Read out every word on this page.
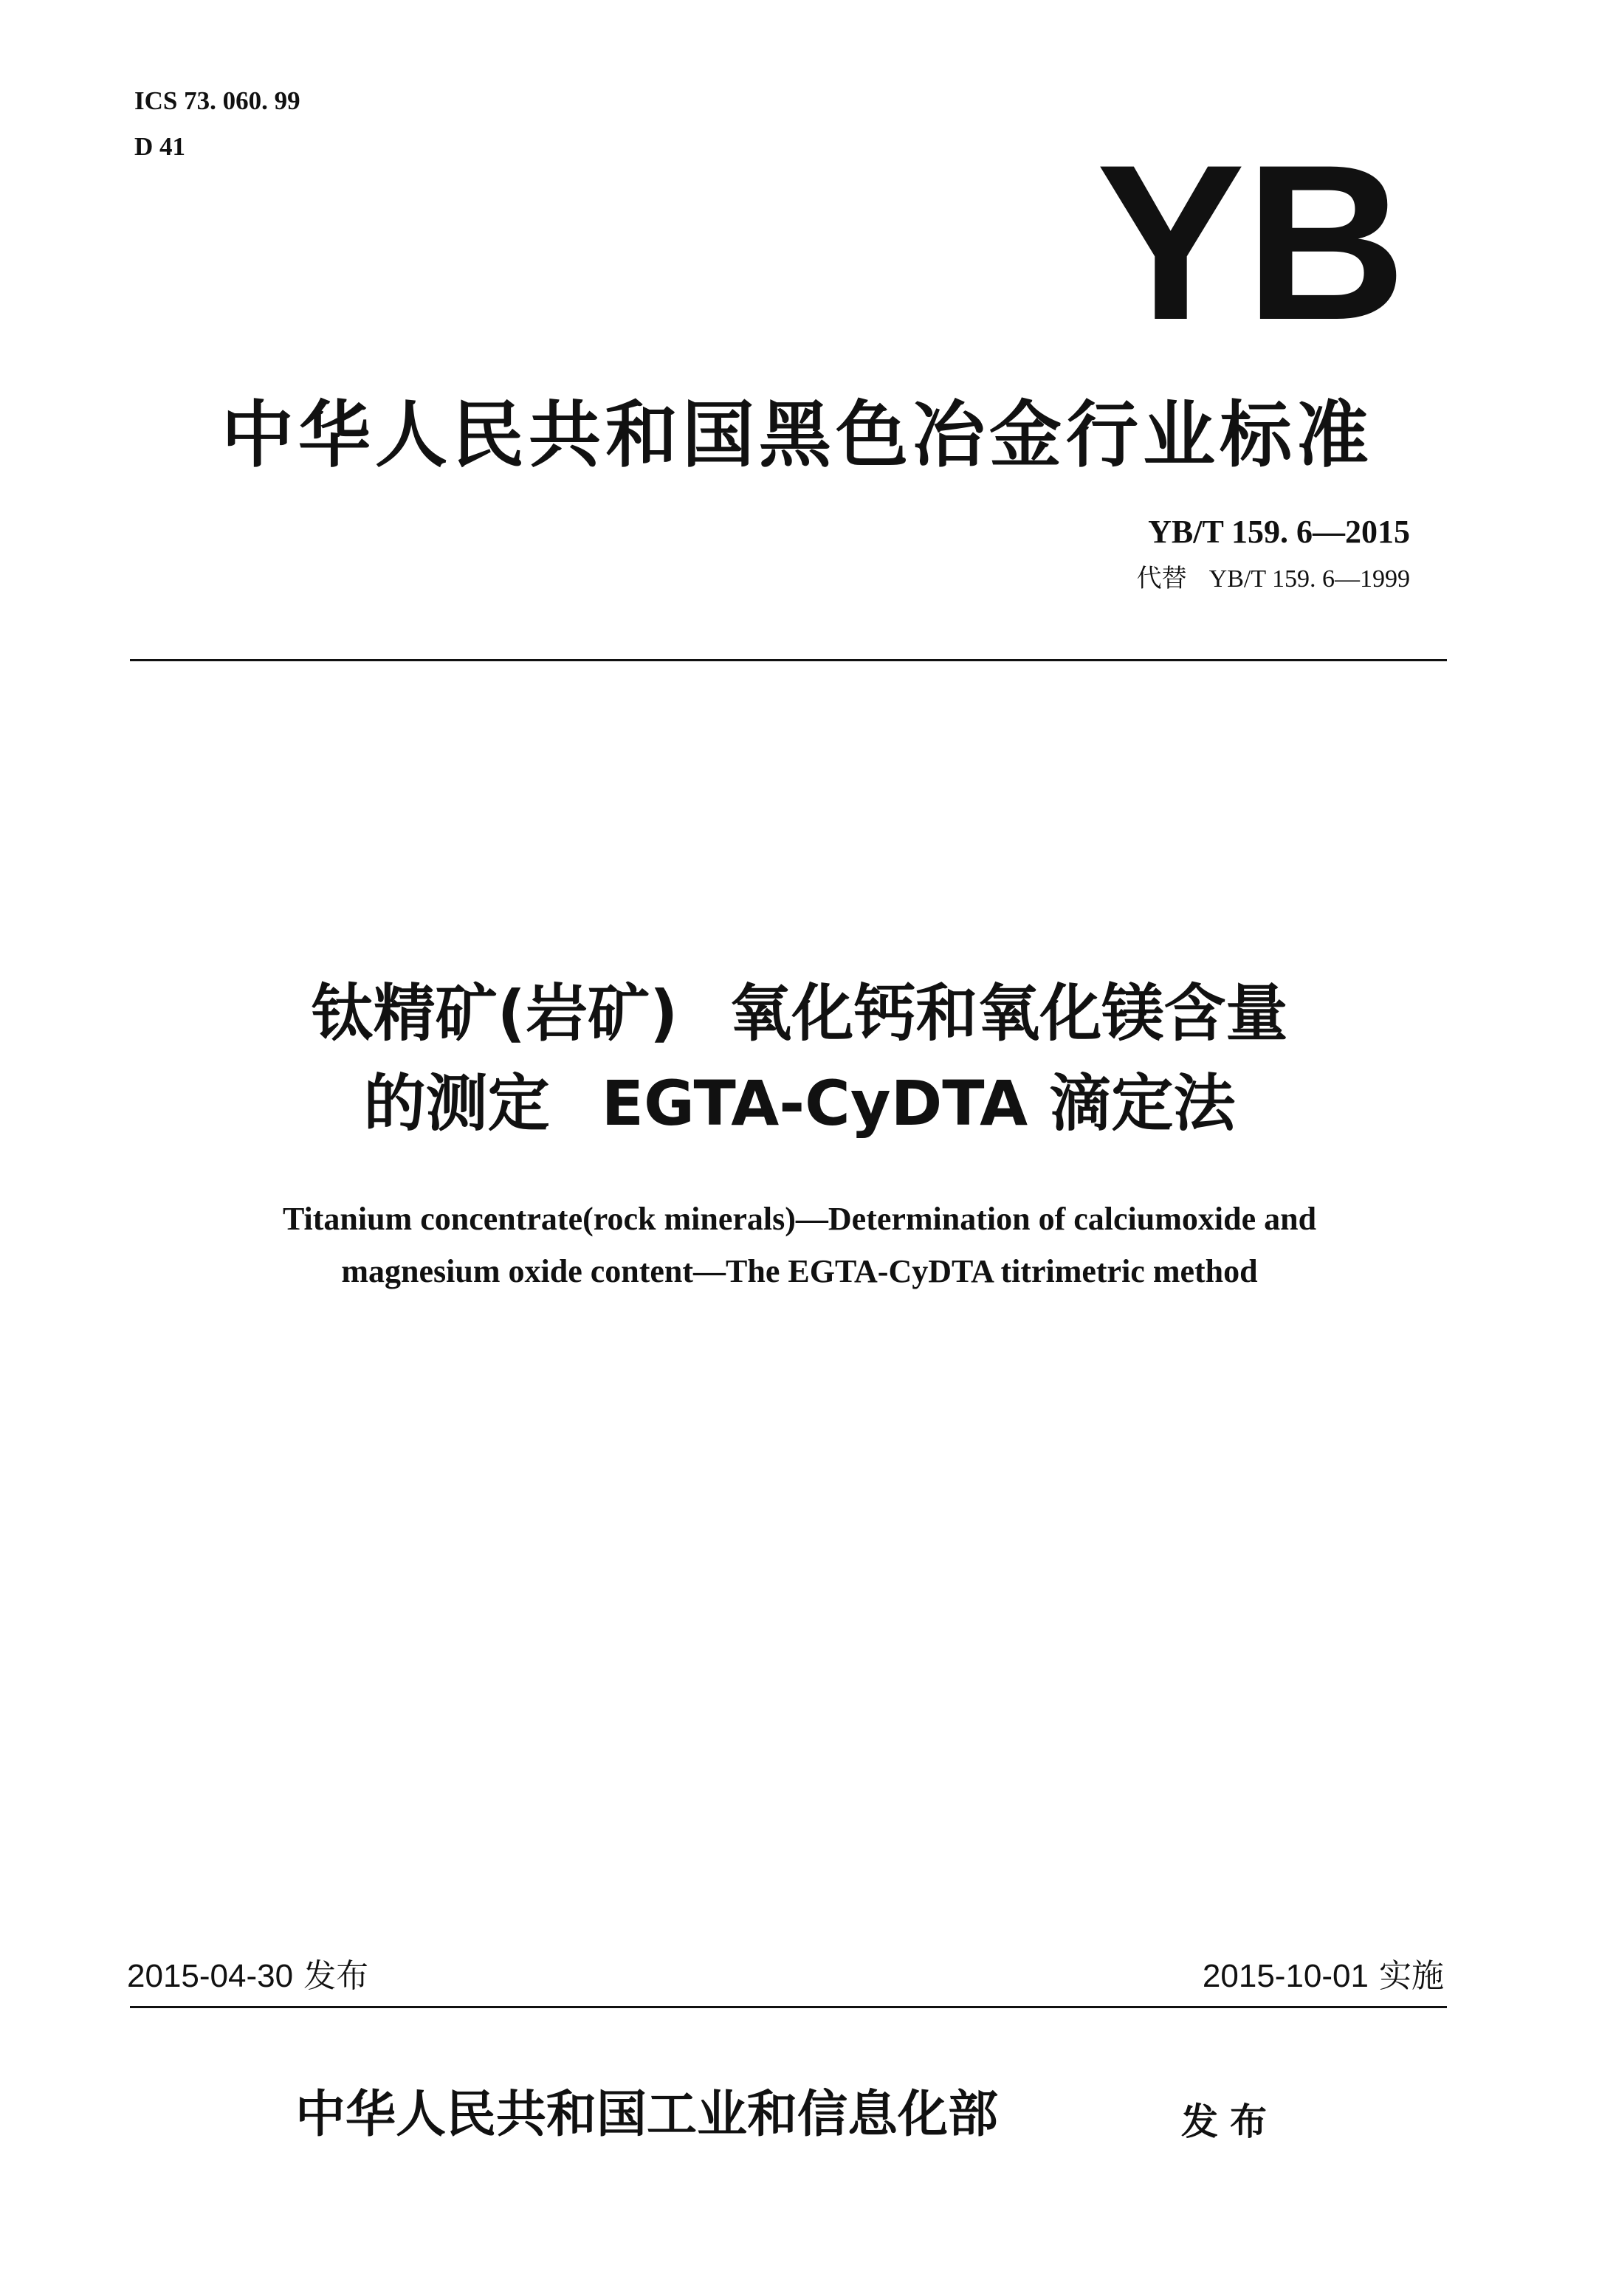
ICS 73. 060. 99
D 41	YB
中华人民共和国黑色冶金行业标准
YB/T 159. 6—2015
代替 YB/T 159. 6—1999
钛精矿(岩矿) 氧化钙和氧化镁含量
的测定 EGTA-CyDTA 滴定法
Titanium concentrate(rock minerals)—Determination of calciumoxide and
magnesium oxide content—The EGTA-CyDTA titrimetric method
2015-04-30 发布	2015-10-01 实施
中华人民共和国工业和信息化部	发布
